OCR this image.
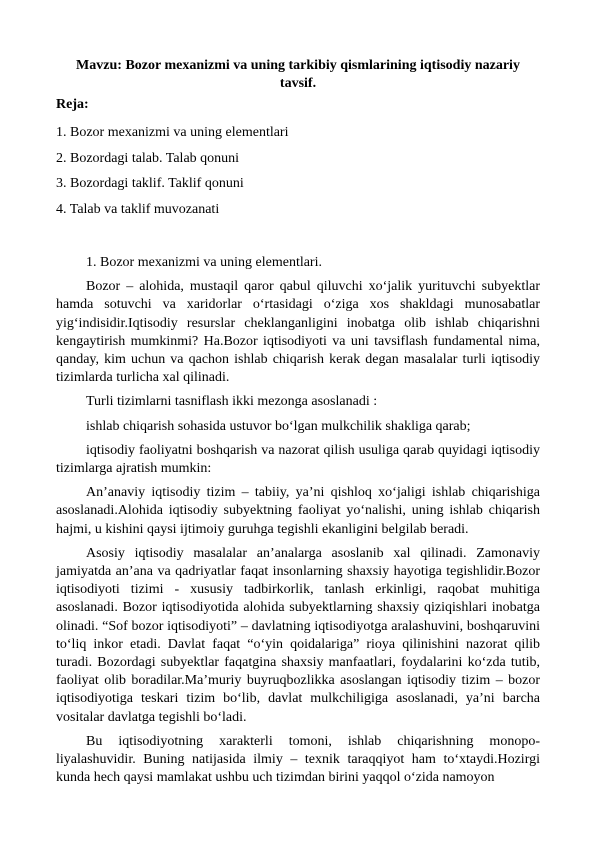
Mavzu: Bozor mexanizmi va uning tarkibiy qismlarining iqtisodiy nazariy tavsif.
Reja:
1. Bozor mexanizmi va uning elementlari
2. Bozordagi talab. Talab qonuni
3. Bozordagi taklif. Taklif qonuni
4. Talab va taklif muvozanati

1. Bozor mexanizmi va uning elementlari.

Bozor – alohida, mustaqil qaror qabul qiluvchi xo‘jalik yurituvchi subyektlar hamda sotuvchi va xaridorlar o‘rtasidagi o‘ziga xos shakldagi munosabatlar yig‘indisidir.Iqtisodiy resurslar cheklanganligini inobatga olib ishlab chiqarishni kengaytirish mumkinmi? Ha.Bozor iqtisodiyoti va uni tavsiflash fundamental nima, qanday, kim uchun va qachon ishlab chiqarish kerak degan masalalar turli iqtisodiy tizimlarda turlicha xal qilinadi.

Turli tizimlarni tasniflash ikki mezonga asoslanadi :

ishlab chiqarish sohasida ustuvor bo‘lgan mulkchilik shakliga qarab;

iqtisodiy faoliyatni boshqarish va nazorat qilish usuliga qarab quyidagi iqtisodiy tizimlarga ajratish mumkin:

An’anaviy iqtisodiy tizim – tabiiy, ya’ni qishloq xo‘jaligi ishlab chiqarishiga asoslanadi.Alohida iqtisodiy subyektning faoliyat yo‘nalishi, uning ishlab chiqarish hajmi, u kishini qaysi ijtimoiy guruhga tegishli ekanligini belgilab beradi.

Asosiy iqtisodiy masalalar an’analarga asoslanib xal qilinadi. Zamonaviy jamiyatda an’ana va qadriyatlar faqat insonlarning shaxsiy hayotiga tegishlidir.Bozor iqtisodiyoti tizimi - xususiy tadbirkorlik, tanlash erkinligi, raqobat muhitiga asoslanadi. Bozor iqtisodiyotida alohida subyektlarning shaxsiy qiziqishlari inobatga olinadi. “Sof bozor iqtisodiyoti” – davlatning iqtisodiyotga aralashuvini, boshqaruvini to‘liq inkor etadi. Davlat faqat “o‘yin qoidalariga” rioya qilinishini nazorat qilib turadi. Bozordagi subyektlar faqatgina shaxsiy manfaatlari, foydalarini ko‘zda tutib, faoliyat olib boradilar.Ma’muriy buyruqbozlikka asoslangan iqtisodiy tizim – bozor iqtisodiyotiga teskari tizim bo‘lib, davlat mulkchiligiga asoslanadi, ya’ni barcha vositalar davlatga tegishli bo‘ladi.

Bu iqtisodiyotning xarakterli tomoni, ishlab chiqarishning monopo-liyalashuvidir. Buning natijasida ilmiy – texnik taraqqiyot ham to‘xtaydi.Hozirgi kunda hech qaysi mamlakat ushbu uch tizimdan birini yaqqol o‘zida namoyon
